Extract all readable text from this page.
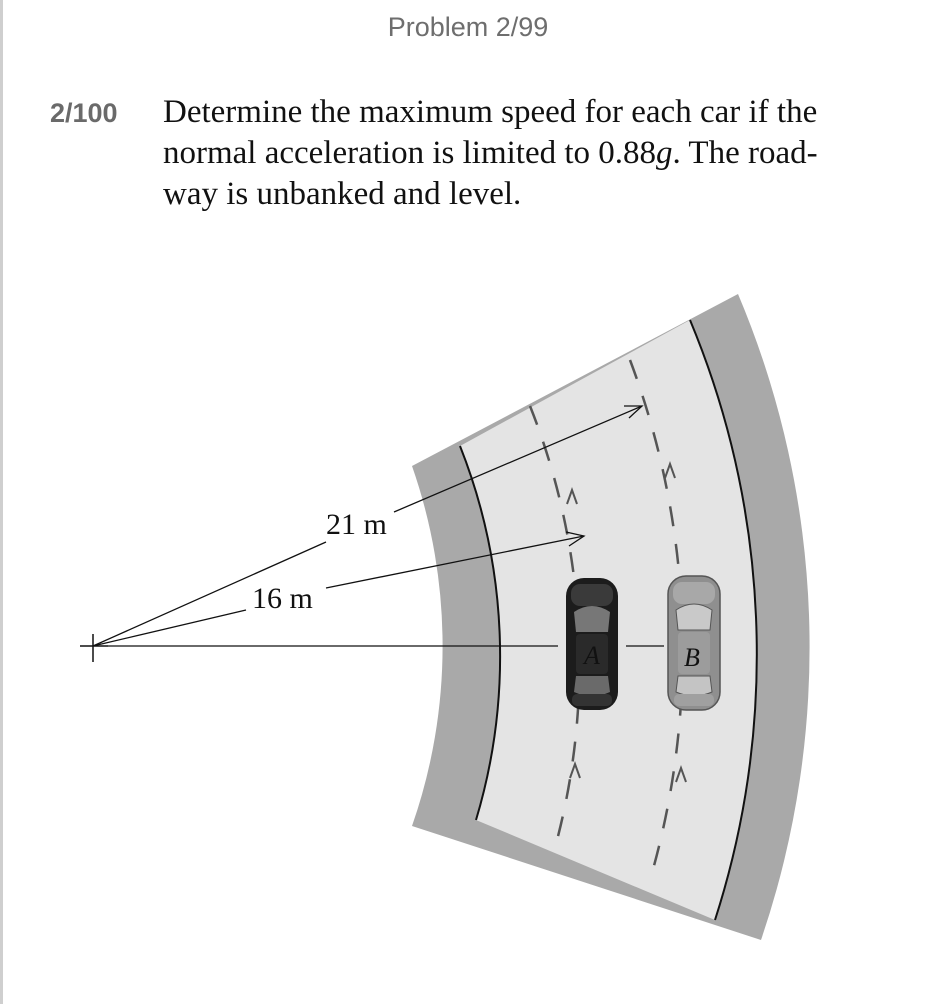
Problem 2/99
2/100 Determine the maximum speed for each car if the
normal acceleration is limited to 0.88g. The road-
way is unbanked and level.
21 m
16 m
A	B
